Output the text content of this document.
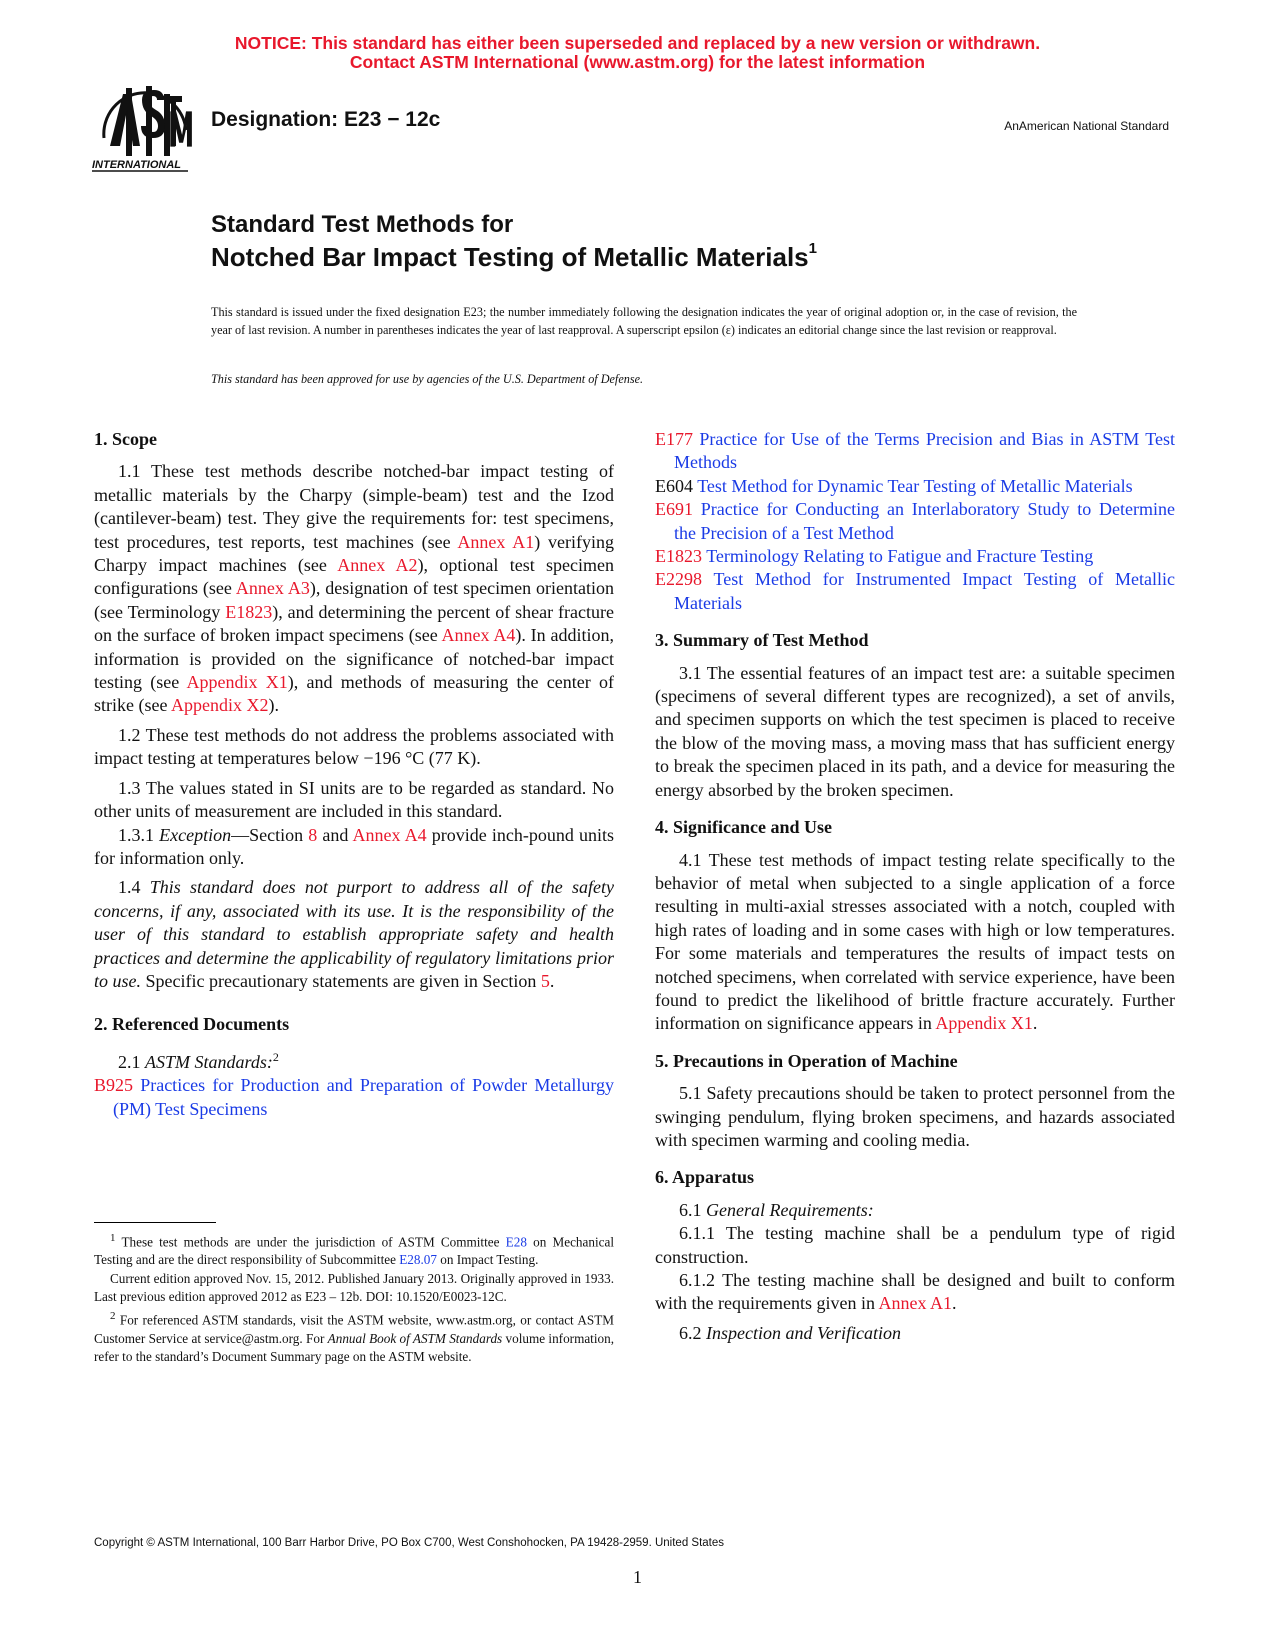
NOTICE: This standard has either been superseded and replaced by a new version or withdrawn.
Contact ASTM International (www.astm.org) for the latest information
INTERNATIONAL
Designation: E23 − 12c	AnAmerican National Standard
Standard Test Methods for
Notched Bar Impact Testing of Metallic Materials$^1$
This standard is issued under the fixed designation E23; the number immediately following the designation indicates the year of original adoption or, in the case of revision, the year of last revision. A number in parentheses indicates the year of last reapproval. A superscript epsilon (ε) indicates an editorial change since the last revision or reapproval.
This standard has been approved for use by agencies of the U.S. Department of Defense.
1. Scope
1.1 These test methods describe notched-bar impact testing of metallic materials by the Charpy (simple-beam) test and the Izod (cantilever-beam) test. They give the requirements for: test specimens, test procedures, test reports, test machines (see Annex A1) verifying Charpy impact machines (see Annex A2), optional test specimen configurations (see Annex A3), designation of test specimen orientation (see Terminology E1823), and determining the percent of shear fracture on the surface of broken impact specimens (see Annex A4). In addition, information is provided on the significance of notched-bar impact testing (see Appendix X1), and methods of measuring the center of strike (see Appendix X2).
1.2 These test methods do not address the problems associated with impact testing at temperatures below −196 °C (77 K).
1.3 The values stated in SI units are to be regarded as standard. No other units of measurement are included in this standard.
1.3.1 Exception—Section 8 and Annex A4 provide inch-pound units for information only.
1.4 This standard does not purport to address all of the safety concerns, if any, associated with its use. It is the responsibility of the user of this standard to establish appropriate safety and health practices and determine the applicability of regulatory limitations prior to use. Specific precautionary statements are given in Section 5.
2. Referenced Documents
2.1 ASTM Standards:$^2$
B925 Practices for Production and Preparation of Powder Metallurgy (PM) Test Specimens
E177 Practice for Use of the Terms Precision and Bias in ASTM Test Methods
E604 Test Method for Dynamic Tear Testing of Metallic Materials
E691 Practice for Conducting an Interlaboratory Study to Determine the Precision of a Test Method
E1823 Terminology Relating to Fatigue and Fracture Testing
E2298 Test Method for Instrumented Impact Testing of Metallic Materials
3. Summary of Test Method
3.1 The essential features of an impact test are: a suitable specimen (specimens of several different types are recognized), a set of anvils, and specimen supports on which the test specimen is placed to receive the blow of the moving mass, a moving mass that has sufficient energy to break the specimen placed in its path, and a device for measuring the energy absorbed by the broken specimen.
4. Significance and Use
4.1 These test methods of impact testing relate specifically to the behavior of metal when subjected to a single application of a force resulting in multi-axial stresses associated with a notch, coupled with high rates of loading and in some cases with high or low temperatures. For some materials and temperatures the results of impact tests on notched specimens, when correlated with service experience, have been found to predict the likelihood of brittle fracture accurately. Further information on significance appears in Appendix X1.
5. Precautions in Operation of Machine
5.1 Safety precautions should be taken to protect personnel from the swinging pendulum, flying broken specimens, and hazards associated with specimen warming and cooling media.
6. Apparatus
6.1 General Requirements:
6.1.1 The testing machine shall be a pendulum type of rigid construction.
6.1.2 The testing machine shall be designed and built to conform with the requirements given in Annex A1.
6.2 Inspection and Verification
$^1$ These test methods are under the jurisdiction of ASTM Committee E28 on Mechanical Testing and are the direct responsibility of Subcommittee E28.07 on Impact Testing.
Current edition approved Nov. 15, 2012. Published January 2013. Originally approved in 1933. Last previous edition approved 2012 as E23 – 12b. DOI: 10.1520/E0023-12C.
$^2$ For referenced ASTM standards, visit the ASTM website, www.astm.org, or contact ASTM Customer Service at service@astm.org. For Annual Book of ASTM Standards volume information, refer to the standard’s Document Summary page on the ASTM website.
Copyright © ASTM International, 100 Barr Harbor Drive, PO Box C700, West Conshohocken, PA 19428-2959. United States
1
